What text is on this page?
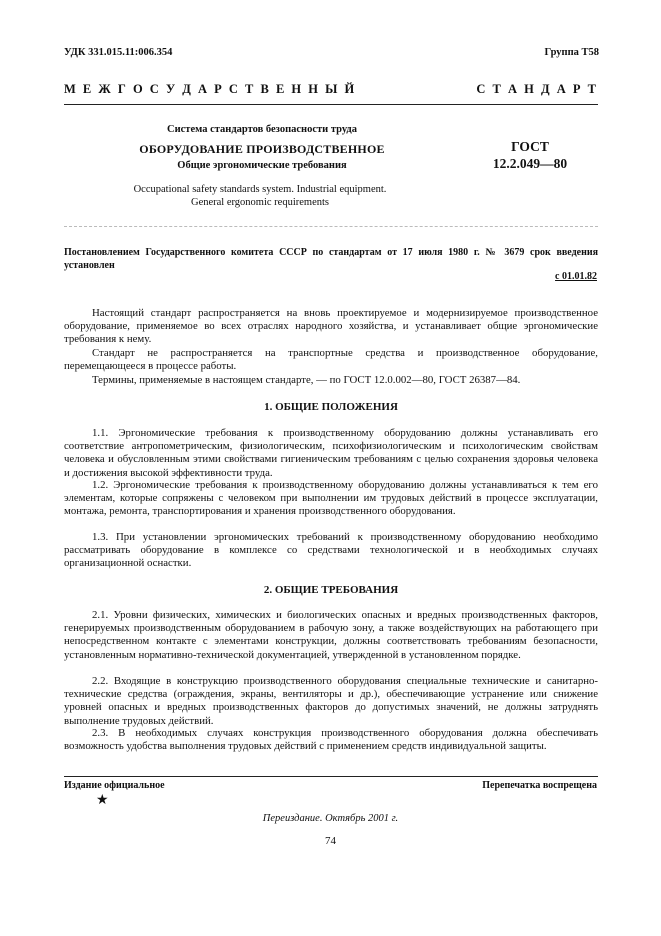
УДК 331.015.11:006.354	Группа Т58
М Е Ж Г О С У Д А Р С Т В Е Н Н Ы Й	С Т А Н Д А Р Т
Система стандартов безопасности труда
ОБОРУДОВАНИЕ ПРОИЗВОДСТВЕННОЕ
Общие эргономические требования
ГОСТ
12.2.049—80
Occupational safety standards system. Industrial equipment.
General ergonomic requirements
Постановлением Государственного комитета СССР по стандартам от 17 июля 1980 г. № 3679 срок введения установлен
с 01.01.82
Настоящий стандарт распространяется на вновь проектируемое и модернизируемое производственное оборудование, применяемое во всех отраслях народного хозяйства, и устанавливает общие эргономические требования к нему.
Стандарт не распространяется на транспортные средства и производственное оборудование, перемещающееся в процессе работы.
Термины, применяемые в настоящем стандарте, — по ГОСТ 12.0.002—80, ГОСТ 26387—84.
1. ОБЩИЕ ПОЛОЖЕНИЯ
1.1. Эргономические требования к производственному оборудованию должны устанавливать его соответствие антропометрическим, физиологическим, психофизиологическим и психологическим свойствам человека и обусловленным этими свойствами гигиеническим требованиям с целью сохранения здоровья человека и достижения высокой эффективности труда.
1.2. Эргономические требования к производственному оборудованию должны устанавливаться к тем его элементам, которые сопряжены с человеком при выполнении им трудовых действий в процессе эксплуатации, монтажа, ремонта, транспортирования и хранения производственного оборудования.
1.3. При установлении эргономических требований к производственному оборудованию необходимо рассматривать оборудование в комплексе со средствами технологической и в необходимых случаях организационной оснастки.
2. ОБЩИЕ ТРЕБОВАНИЯ
2.1. Уровни физических, химических и биологических опасных и вредных производственных факторов, генерируемых производственным оборудованием в рабочую зону, а также воздействующих на работающего при непосредственном контакте с элементами конструкции, должны соответствовать требованиям безопасности, установленным нормативно-технической документацией, утвержденной в установленном порядке.
2.2. Входящие в конструкцию производственного оборудования специальные технические и санитарно-технические средства (ограждения, экраны, вентиляторы и др.), обеспечивающие устранение или снижение уровней опасных и вредных производственных факторов до допустимых значений, не должны затруднять выполнение трудовых действий.
2.3. В необходимых случаях конструкция производственного оборудования должна обеспечивать возможность удобства выполнения трудовых действий с применением средств индивидуальной защиты.
Издание официальное	Перепечатка воспрещена
★
Переиздание. Октябрь 2001 г.
74
